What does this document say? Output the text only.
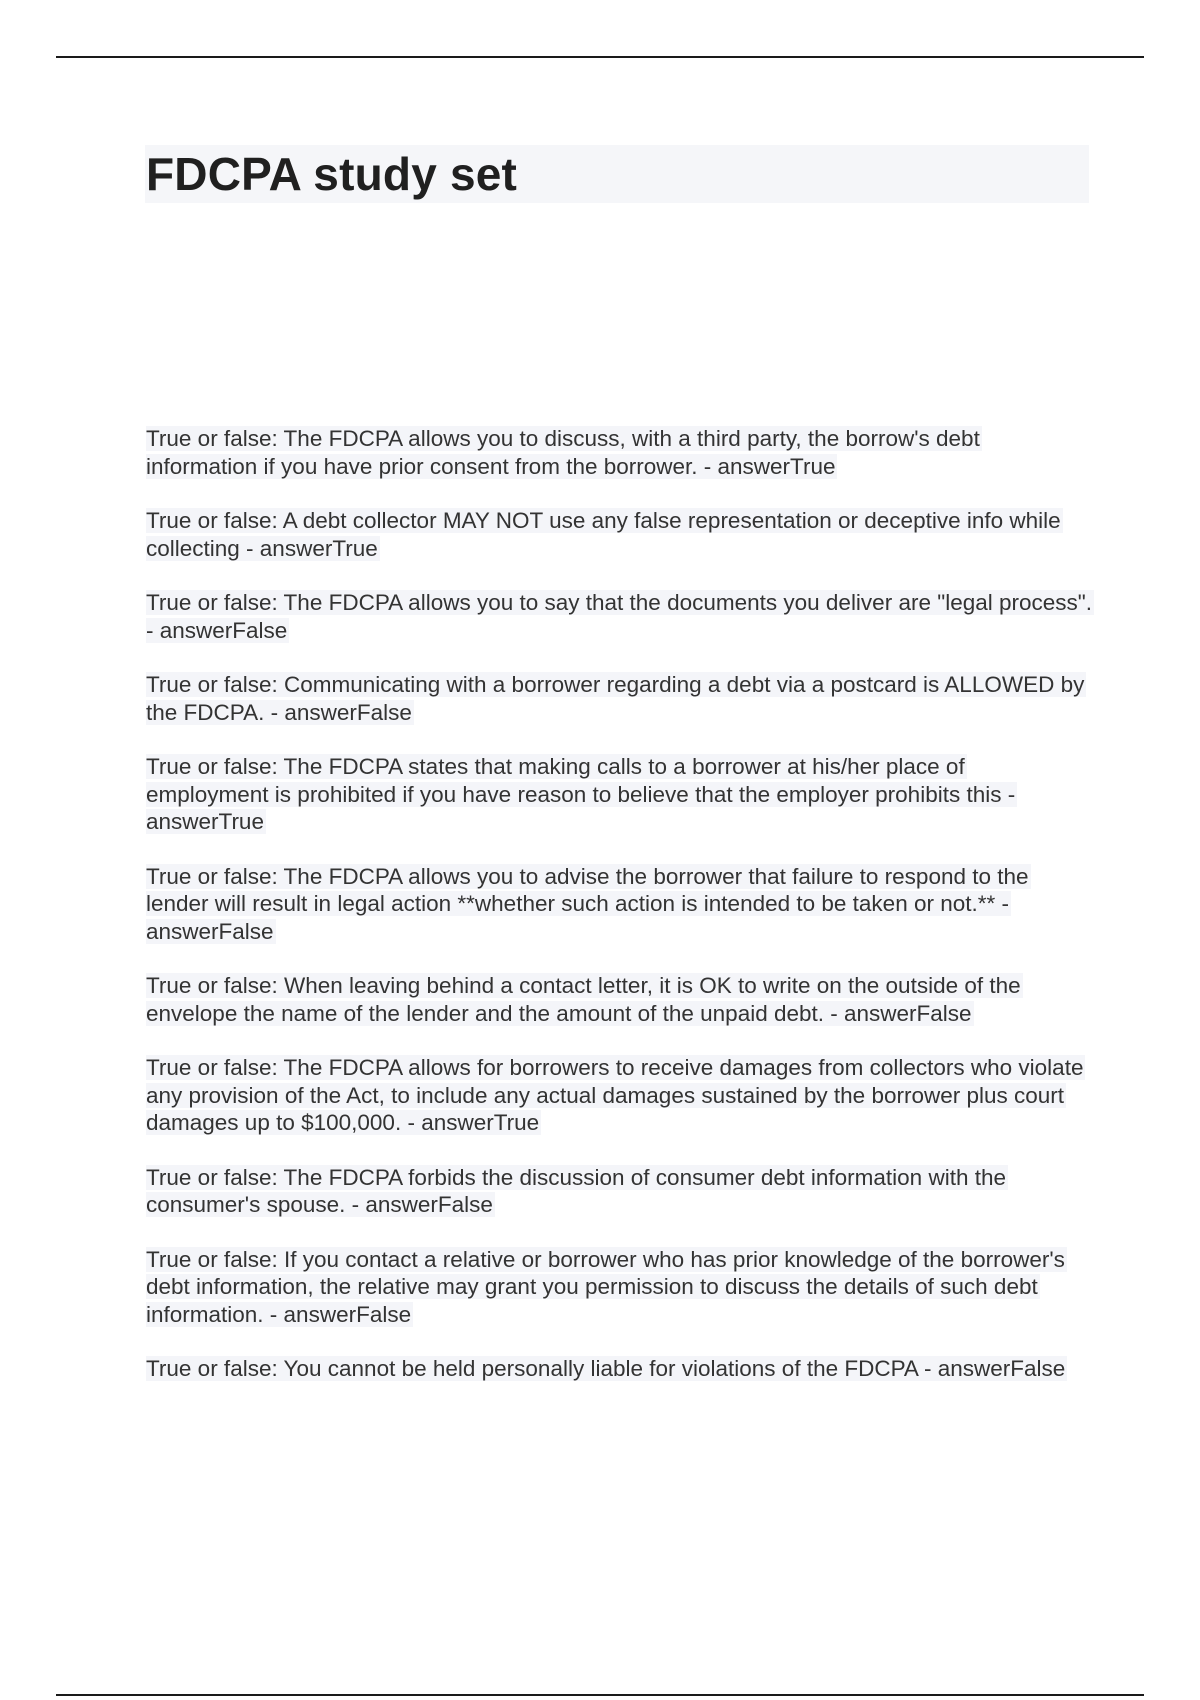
FDCPA study set
True or false: The FDCPA allows you to discuss, with a third party, the borrow's debt information if you have prior consent from the borrower. - answerTrue
True or false: A debt collector MAY NOT use any false representation or deceptive info while collecting - answerTrue
True or false: The FDCPA allows you to say that the documents you deliver are "legal process". - answerFalse
True or false: Communicating with a borrower regarding a debt via a postcard is ALLOWED by the FDCPA. - answerFalse
True or false: The FDCPA states that making calls to a borrower at his/her place of employment is prohibited if you have reason to believe that the employer prohibits this - answerTrue
True or false: The FDCPA allows you to advise the borrower that failure to respond to the lender will result in legal action **whether such action is intended to be taken or not.** - answerFalse
True or false: When leaving behind a contact letter, it is OK to write on the outside of the envelope the name of the lender and the amount of the unpaid debt. - answerFalse
True or false: The FDCPA allows for borrowers to receive damages from collectors who violate any provision of the Act, to include any actual damages sustained by the borrower plus court damages up to $100,000. - answerTrue
True or false: The FDCPA forbids the discussion of consumer debt information with the consumer's spouse. - answerFalse
True or false: If you contact a relative or borrower who has prior knowledge of the borrower's debt information, the relative may grant you permission to discuss the details of such debt information. - answerFalse
True or false: You cannot be held personally liable for violations of the FDCPA - answerFalse
